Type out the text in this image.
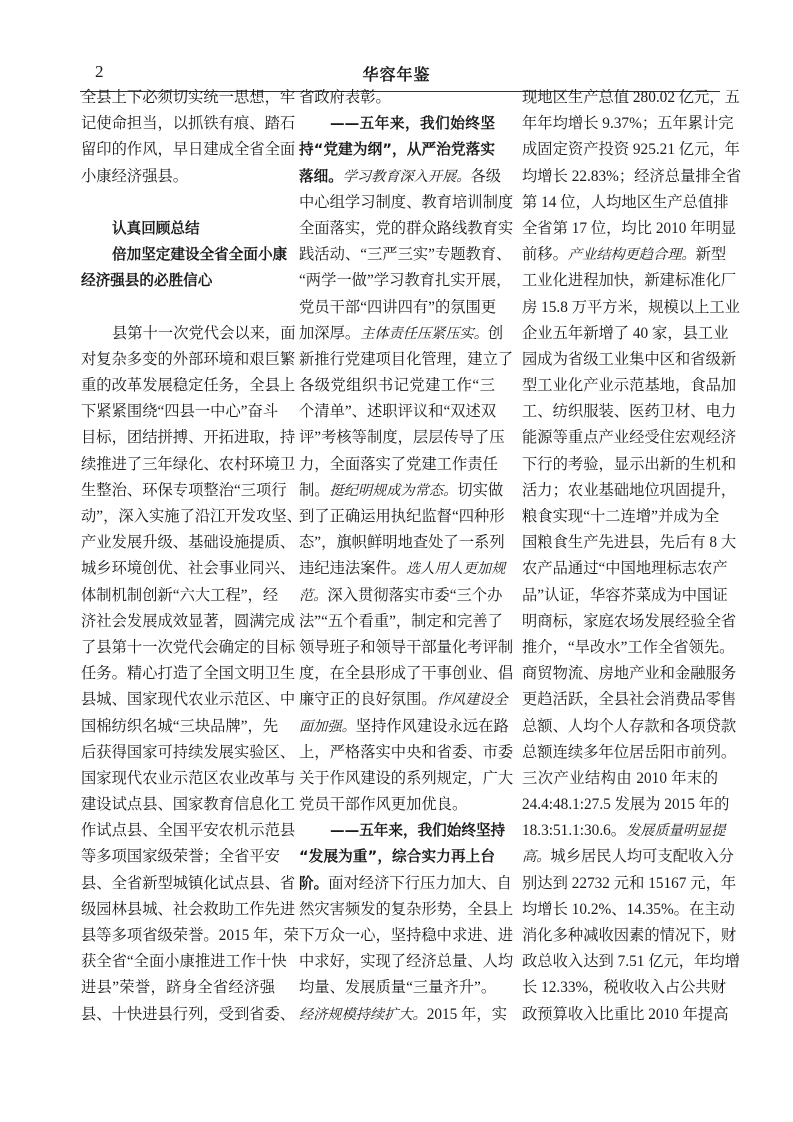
2	华容年鉴
全县上下必须切实统一思想，牢
记使命担当，以抓铁有痕、踏石
留印的作风，早日建成全省全面
小康经济强县。
认真回顾总结
倍加坚定建设全省全面小康
经济强县的必胜信心
县第十一次党代会以来，面
对复杂多变的外部环境和艰巨繁
重的改革发展稳定任务，全县上
下紧紧围绕“四县一中心”奋斗
目标，团结拼搏、开拓进取，持
续推进了三年绿化、农村环境卫
生整治、环保专项整治“三项行
动”，深入实施了沿江开发攻坚、
产业发展升级、基础设施提质、
城乡环境创优、社会事业同兴、
体制机制创新“六大工程”，经
济社会发展成效显著，圆满完成
了县第十一次党代会确定的目标
任务。精心打造了全国文明卫生
县城、国家现代农业示范区、中
国棉纺织名城“三块品牌”，先
后获得国家可持续发展实验区、
国家现代农业示范区农业改革与
建设试点县、国家教育信息化工
作试点县、全国平安农机示范县
等多项国家级荣誉；全省平安
县、全省新型城镇化试点县、省
级园林县城、社会救助工作先进
县等多项省级荣誉。2015 年，荣
获全省“全面小康推进工作十快
进县”荣誉，跻身全省经济强
县、十快进县行列，受到省委、
省政府表彰。
——五年来，我们始终坚
持“党建为纲”，从严治党落实
落细。学习教育深入开展。各级
中心组学习制度、教育培训制度
全面落实，党的群众路线教育实
践活动、“三严三实”专题教育、
“两学一做”学习教育扎实开展，
党员干部“四讲四有”的氛围更
加深厚。主体责任压紧压实。创
新推行党建项目化管理，建立了
各级党组织书记党建工作“三
个清单”、述职评议和“双述双
评”考核等制度，层层传导了压
力，全面落实了党建工作责任
制。挺纪明规成为常态。切实做
到了正确运用执纪监督“四种形
态”，旗帜鲜明地查处了一系列
违纪违法案件。选人用人更加规
范。深入贯彻落实市委“三个办
法”“五个看重”，制定和完善了
领导班子和领导干部量化考评制
度，在全县形成了干事创业、倡
廉守正的良好氛围。作风建设全
面加强。坚持作风建设永远在路
上，严格落实中央和省委、市委
关于作风建设的系列规定，广大
党员干部作风更加优良。
——五年来，我们始终坚持
“发展为重”，综合实力再上台
阶。面对经济下行压力加大、自
然灾害频发的复杂形势，全县上
下万众一心，坚持稳中求进、进
中求好，实现了经济总量、人均
均量、发展质量“三量齐升”。
经济规模持续扩大。2015 年，实
现地区生产总值 280.02 亿元，五
年年均增长 9.37%；五年累计完
成固定资产投资 925.21 亿元，年
均增长 22.83%；经济总量排全省
第 14 位，人均地区生产总值排
全省第 17 位，均比 2010 年明显
前移。产业结构更趋合理。新型
工业化进程加快，新建标准化厂
房 15.8 万平方米，规模以上工业
企业五年新增了 40 家，县工业
园成为省级工业集中区和省级新
型工业化产业示范基地，食品加
工、纺织服装、医药卫材、电力
能源等重点产业经受住宏观经济
下行的考验，显示出新的生机和
活力；农业基础地位巩固提升，
粮食实现“十二连增”并成为全
国粮食生产先进县，先后有 8 大
农产品通过“中国地理标志农产
品”认证，华容芥菜成为中国证
明商标，家庭农场发展经验全省
推介，“旱改水”工作全省领先。
商贸物流、房地产业和金融服务
更趋活跃，全县社会消费品零售
总额、人均个人存款和各项贷款
总额连续多年位居岳阳市前列。
三次产业结构由 2010 年末的
24.4:48.1:27.5 发展为 2015 年的
18.3:51.1:30.6。发展质量明显提
高。城乡居民人均可支配收入分
别达到 22732 元和 15167 元，年
均增长 10.2%、14.35%。在主动
消化多种减收因素的情况下，财
政总收入达到 7.51 亿元，年均增
长 12.33%，税收收入占公共财
政预算收入比重比 2010 年提高
